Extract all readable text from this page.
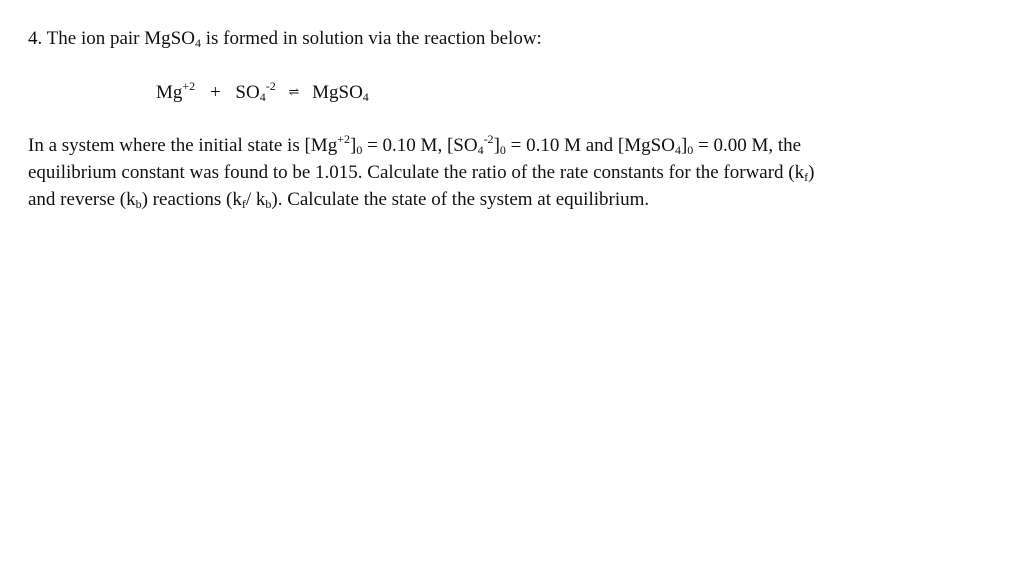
4. The ion pair MgSO$_4$ is formed in solution via the reaction below:
$Mg^{+2} + SO_4^{-2}$ ⇌ MgSO$_4$
In a system where the initial state is $[Mg^{+2}]_0 = 0.10$ M, $[SO_4^{-2}]_0 = 0.10$ M and $[MgSO_4]_0 = 0.00$ M, the
equilibrium constant was found to be 1.015. Calculate the ratio of the rate constants for the forward $(k_f)$
and reverse $(k_b)$ reactions ($k_f/$ $k_b$). Calculate the state of the system at equilibrium.
